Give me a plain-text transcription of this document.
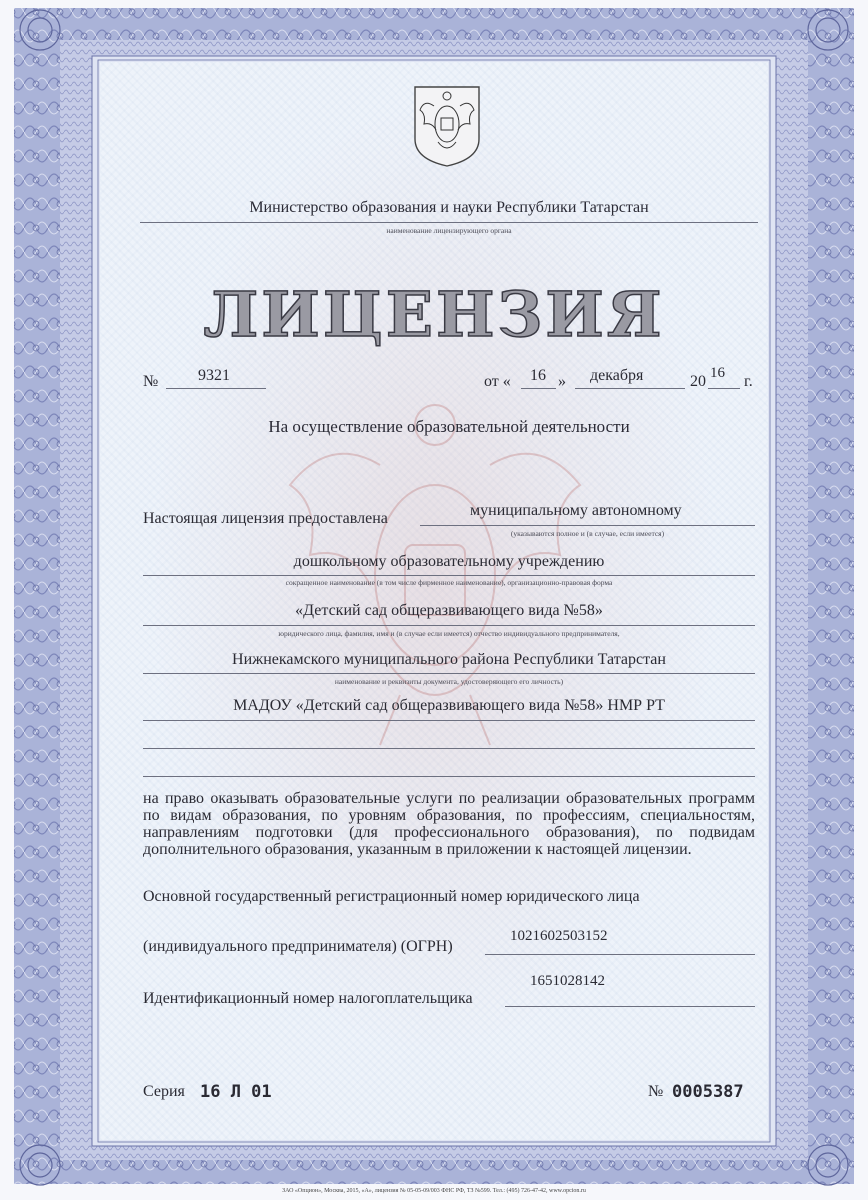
Министерство образования и науки Республики Татарстан
наименование лицензирующего органа
ЛИЦЕНЗИЯ
№ 9321	от « 16 » декабря	20 16 г.
На осуществление образовательной деятельности
Настоящая лицензия предоставлена	муниципальному автономному
(указываются полное и (в случае, если имеется)
дошкольному образовательному учреждению
сокращенное наименование (в том числе фирменное наименование), организационно-правовая форма
«Детский сад общеразвивающего вида №58»
юридического лица, фамилия, имя и (в случае если имеется) отчество индивидуального предпринимателя,
Нижнекамского муниципального района Республики Татарстан
наименование и реквизиты документа, удостоверяющего его личность)
МАДОУ «Детский сад общеразвивающего вида №58» НМР РТ
на право оказывать образовательные услуги по реализации образовательных программ по видам образования, по уровням образования, по профессиям, специальностям, направлениям подготовки (для профессионального образования), по подвидам дополнительного образования, указанным в приложении к настоящей лицензии.
Основной государственный регистрационный номер юридического лица
(индивидуального предпринимателя) (ОГРН)
1021602503152
Идентификационный номер налогоплательщика
1651028142
Серия 16 Л 01	№ 0005387
ЗАО «Опцион», Москва, 2015, «А», лицензия № 05-05-09/003 ФНС РФ, ТЗ №599. Тел.: (495) 726-47-42, www.opcion.ru
